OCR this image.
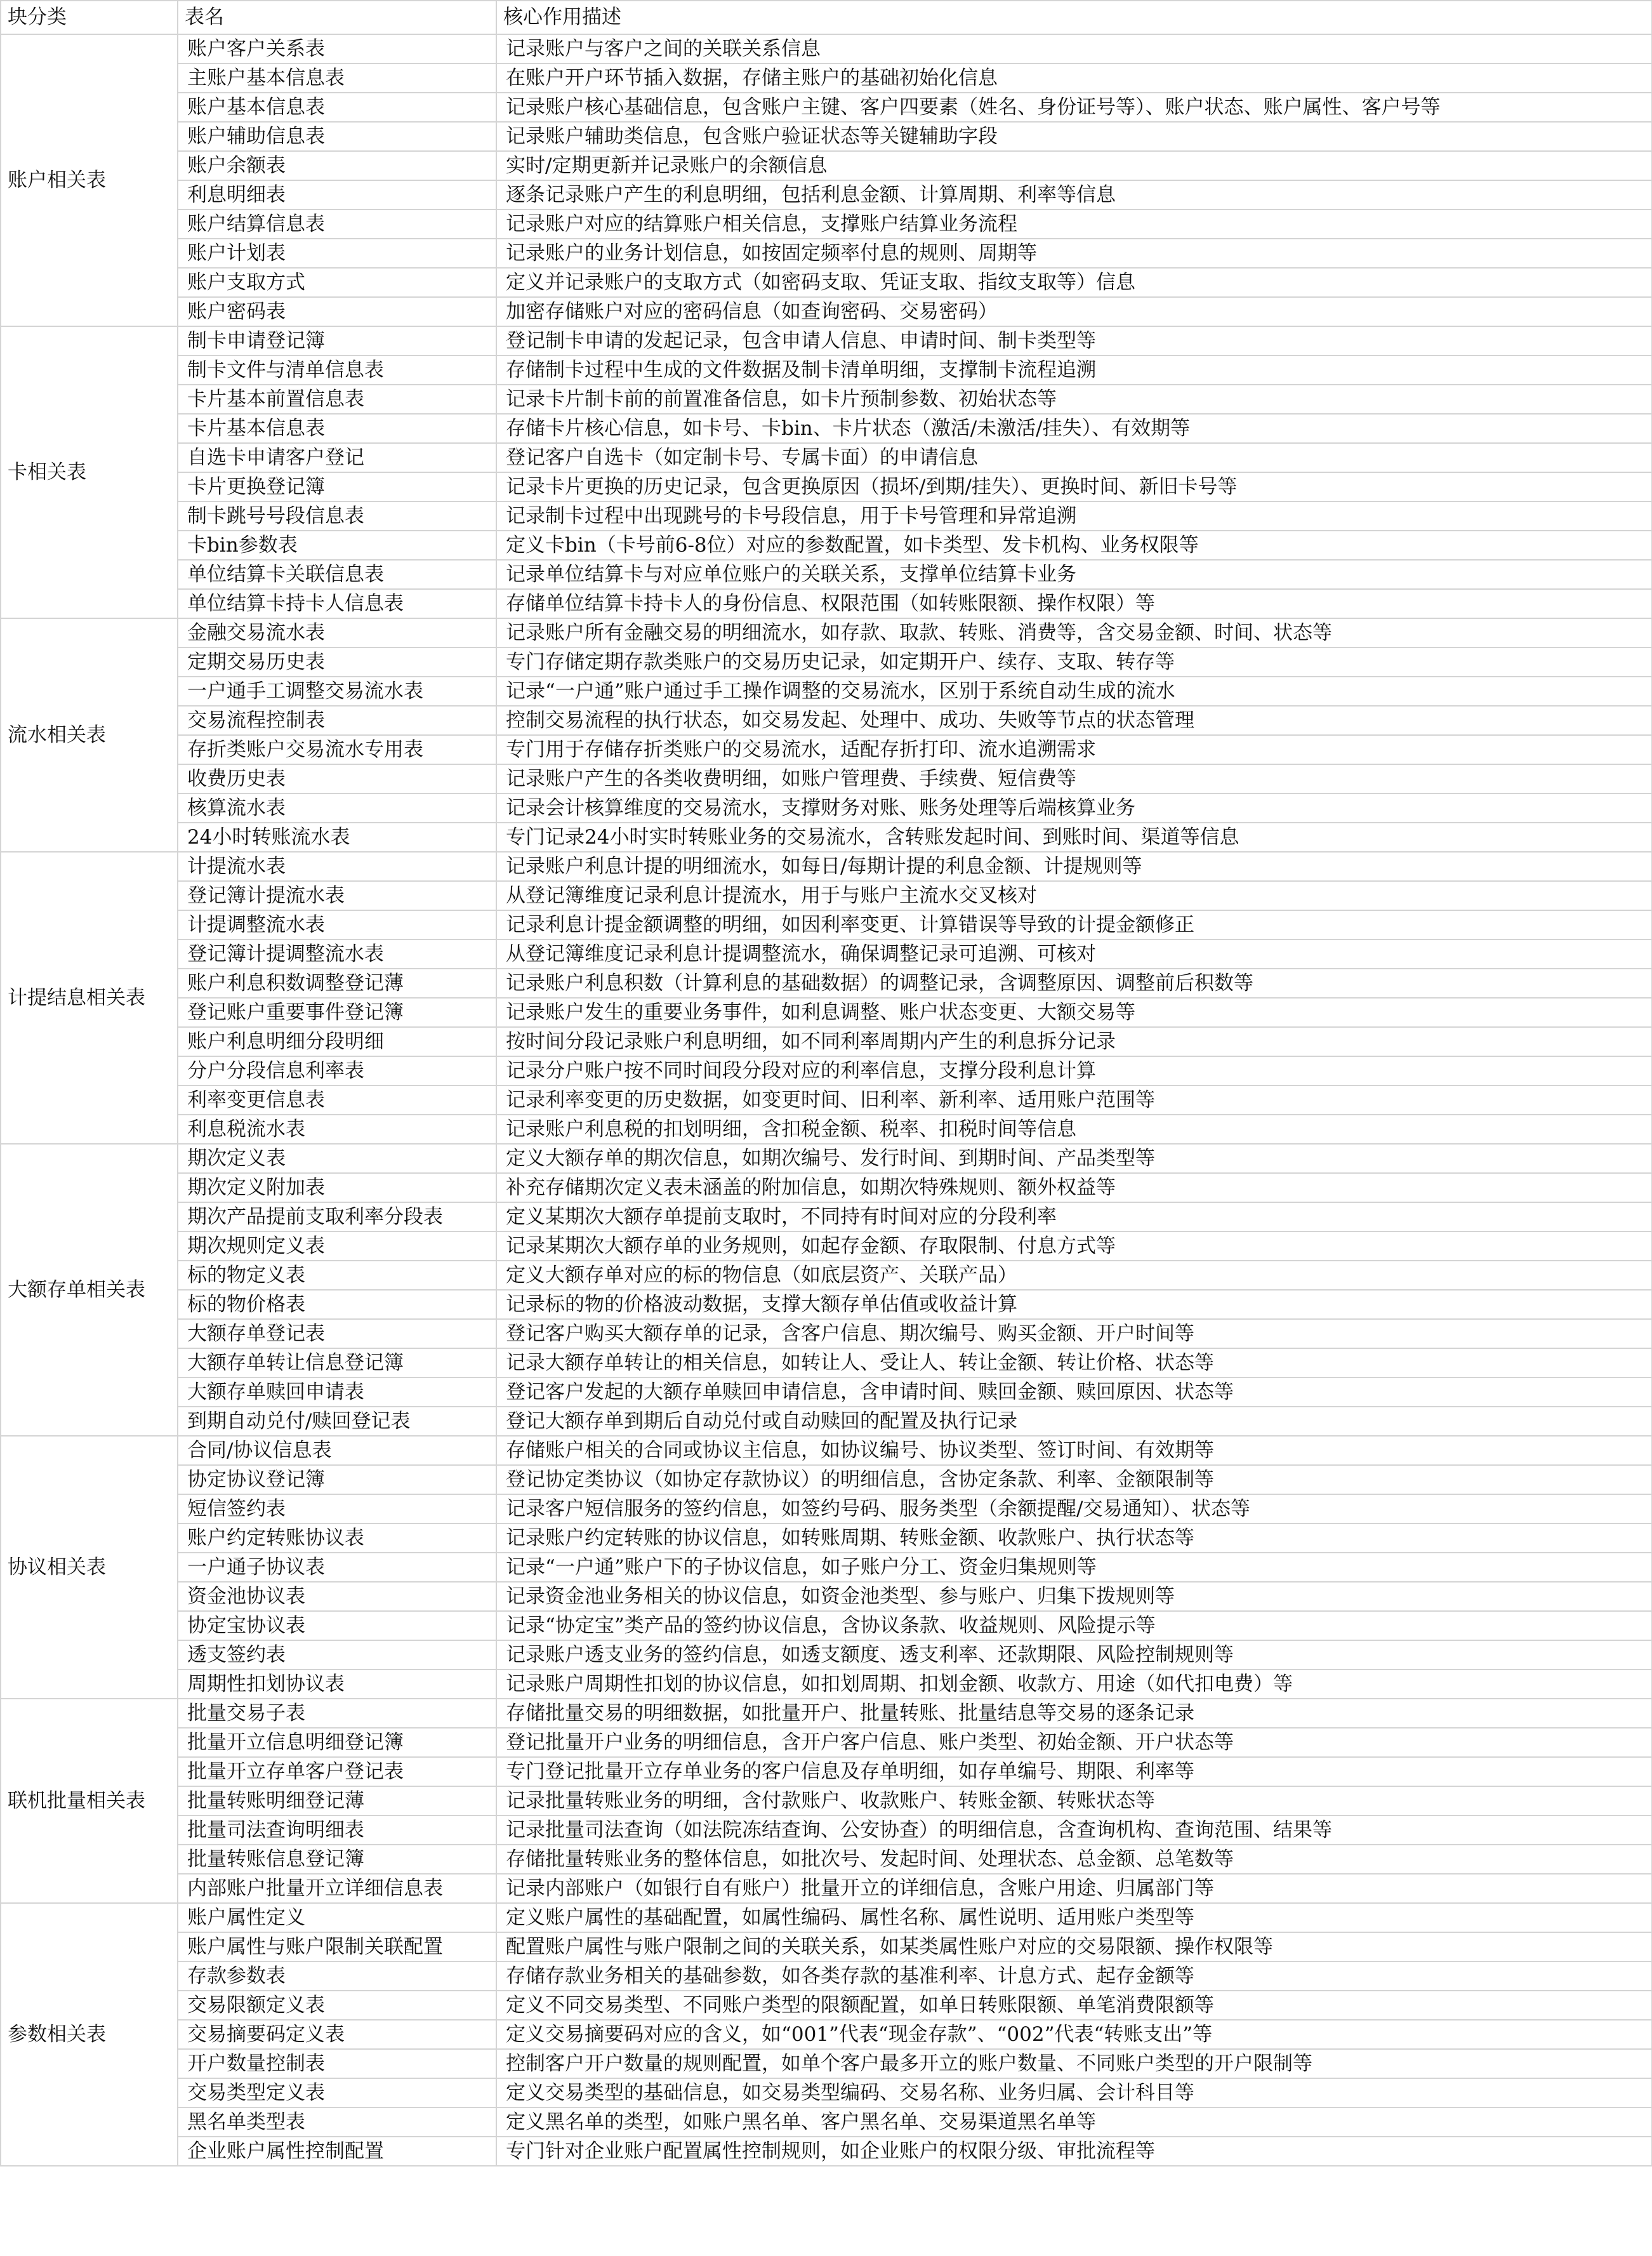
块分类	表名	核心作用描述
账户相关表	账户客户关系表	记录账户与客户之间的关联关系信息
	主账户基本信息表	在账户开户环节插入数据，存储主账户的基础初始化信息
	账户基本信息表	记录账户核心基础信息，包含账户主键、客户四要素（姓名、身份证号等）、账户状态、账户属性、客户号等
	账户辅助信息表	记录账户辅助类信息，包含账户验证状态等关键辅助字段
	账户余额表	实时/定期更新并记录账户的余额信息
	利息明细表	逐条记录账户产生的利息明细，包括利息金额、计算周期、利率等信息
	账户结算信息表	记录账户对应的结算账户相关信息，支撑账户结算业务流程
	账户计划表	记录账户的业务计划信息，如按固定频率付息的规则、周期等
	账户支取方式	定义并记录账户的支取方式（如密码支取、凭证支取、指纹支取等）信息
	账户密码表	加密存储账户对应的密码信息（如查询密码、交易密码）
卡相关表	制卡申请登记簿	登记制卡申请的发起记录，包含申请人信息、申请时间、制卡类型等
	制卡文件与清单信息表	存储制卡过程中生成的文件数据及制卡清单明细，支撑制卡流程追溯
	卡片基本前置信息表	记录卡片制卡前的前置准备信息，如卡片预制参数、初始状态等
	卡片基本信息表	存储卡片核心信息，如卡号、卡bin、卡片状态（激活/未激活/挂失）、有效期等
	自选卡申请客户登记	登记客户自选卡（如定制卡号、专属卡面）的申请信息
	卡片更换登记簿	记录卡片更换的历史记录，包含更换原因（损坏/到期/挂失）、更换时间、新旧卡号等
	制卡跳号号段信息表	记录制卡过程中出现跳号的卡号段信息，用于卡号管理和异常追溯
	卡bin参数表	定义卡bin（卡号前6-8位）对应的参数配置，如卡类型、发卡机构、业务权限等
	单位结算卡关联信息表	记录单位结算卡与对应单位账户的关联关系，支撑单位结算卡业务
	单位结算卡持卡人信息表	存储单位结算卡持卡人的身份信息、权限范围（如转账限额、操作权限）等
流水相关表	金融交易流水表	记录账户所有金融交易的明细流水，如存款、取款、转账、消费等，含交易金额、时间、状态等
	定期交易历史表	专门存储定期存款类账户的交易历史记录，如定期开户、续存、支取、转存等
	一户通手工调整交易流水表	记录“一户通”账户通过手工操作调整的交易流水，区别于系统自动生成的流水
	交易流程控制表	控制交易流程的执行状态，如交易发起、处理中、成功、失败等节点的状态管理
	存折类账户交易流水专用表	专门用于存储存折类账户的交易流水，适配存折打印、流水追溯需求
	收费历史表	记录账户产生的各类收费明细，如账户管理费、手续费、短信费等
	核算流水表	记录会计核算维度的交易流水，支撑财务对账、账务处理等后端核算业务
	24小时转账流水表	专门记录24小时实时转账业务的交易流水，含转账发起时间、到账时间、渠道等信息
计提结息相关表	计提流水表	记录账户利息计提的明细流水，如每日/每期计提的利息金额、计提规则等
	登记簿计提流水表	从登记簿维度记录利息计提流水，用于与账户主流水交叉核对
	计提调整流水表	记录利息计提金额调整的明细，如因利率变更、计算错误等导致的计提金额修正
	登记簿计提调整流水表	从登记簿维度记录利息计提调整流水，确保调整记录可追溯、可核对
	账户利息积数调整登记薄	记录账户利息积数（计算利息的基础数据）的调整记录，含调整原因、调整前后积数等
	登记账户重要事件登记簿	记录账户发生的重要业务事件，如利息调整、账户状态变更、大额交易等
	账户利息明细分段明细	按时间分段记录账户利息明细，如不同利率周期内产生的利息拆分记录
	分户分段信息利率表	记录分户账户按不同时间段分段对应的利率信息，支撑分段利息计算
	利率变更信息表	记录利率变更的历史数据，如变更时间、旧利率、新利率、适用账户范围等
	利息税流水表	记录账户利息税的扣划明细，含扣税金额、税率、扣税时间等信息
大额存单相关表	期次定义表	定义大额存单的期次信息，如期次编号、发行时间、到期时间、产品类型等
	期次定义附加表	补充存储期次定义表未涵盖的附加信息，如期次特殊规则、额外权益等
	期次产品提前支取利率分段表	定义某期次大额存单提前支取时，不同持有时间对应的分段利率
	期次规则定义表	记录某期次大额存单的业务规则，如起存金额、存取限制、付息方式等
	标的物定义表	定义大额存单对应的标的物信息（如底层资产、关联产品）
	标的物价格表	记录标的物的价格波动数据，支撑大额存单估值或收益计算
	大额存单登记表	登记客户购买大额存单的记录，含客户信息、期次编号、购买金额、开户时间等
	大额存单转让信息登记簿	记录大额存单转让的相关信息，如转让人、受让人、转让金额、转让价格、状态等
	大额存单赎回申请表	登记客户发起的大额存单赎回申请信息，含申请时间、赎回金额、赎回原因、状态等
	到期自动兑付/赎回登记表	登记大额存单到期后自动兑付或自动赎回的配置及执行记录
协议相关表	合同/协议信息表	存储账户相关的合同或协议主信息，如协议编号、协议类型、签订时间、有效期等
	协定协议登记簿	登记协定类协议（如协定存款协议）的明细信息，含协定条款、利率、金额限制等
	短信签约表	记录客户短信服务的签约信息，如签约号码、服务类型（余额提醒/交易通知）、状态等
	账户约定转账协议表	记录账户约定转账的协议信息，如转账周期、转账金额、收款账户、执行状态等
	一户通子协议表	记录“一户通”账户下的子协议信息，如子账户分工、资金归集规则等
	资金池协议表	记录资金池业务相关的协议信息，如资金池类型、参与账户、归集下拨规则等
	协定宝协议表	记录“协定宝”类产品的签约协议信息，含协议条款、收益规则、风险提示等
	透支签约表	记录账户透支业务的签约信息，如透支额度、透支利率、还款期限、风险控制规则等
	周期性扣划协议表	记录账户周期性扣划的协议信息，如扣划周期、扣划金额、收款方、用途（如代扣电费）等
联机批量相关表	批量交易子表	存储批量交易的明细数据，如批量开户、批量转账、批量结息等交易的逐条记录
	批量开立信息明细登记簿	登记批量开户业务的明细信息，含开户客户信息、账户类型、初始金额、开户状态等
	批量开立存单客户登记表	专门登记批量开立存单业务的客户信息及存单明细，如存单编号、期限、利率等
	批量转账明细登记薄	记录批量转账业务的明细，含付款账户、收款账户、转账金额、转账状态等
	批量司法查询明细表	记录批量司法查询（如法院冻结查询、公安协查）的明细信息，含查询机构、查询范围、结果等
	批量转账信息登记簿	存储批量转账业务的整体信息，如批次号、发起时间、处理状态、总金额、总笔数等
	内部账户批量开立详细信息表	记录内部账户（如银行自有账户）批量开立的详细信息，含账户用途、归属部门等
参数相关表	账户属性定义	定义账户属性的基础配置，如属性编码、属性名称、属性说明、适用账户类型等
	账户属性与账户限制关联配置	配置账户属性与账户限制之间的关联关系，如某类属性账户对应的交易限额、操作权限等
	存款参数表	存储存款业务相关的基础参数，如各类存款的基准利率、计息方式、起存金额等
	交易限额定义表	定义不同交易类型、不同账户类型的限额配置，如单日转账限额、单笔消费限额等
	交易摘要码定义表	定义交易摘要码对应的含义，如“001”代表“现金存款”、“002”代表“转账支出”等
	开户数量控制表	控制客户开户数量的规则配置，如单个客户最多开立的账户数量、不同账户类型的开户限制等
	交易类型定义表	定义交易类型的基础信息，如交易类型编码、交易名称、业务归属、会计科目等
	黑名单类型表	定义黑名单的类型，如账户黑名单、客户黑名单、交易渠道黑名单等
	企业账户属性控制配置	专门针对企业账户配置属性控制规则，如企业账户的权限分级、审批流程等
